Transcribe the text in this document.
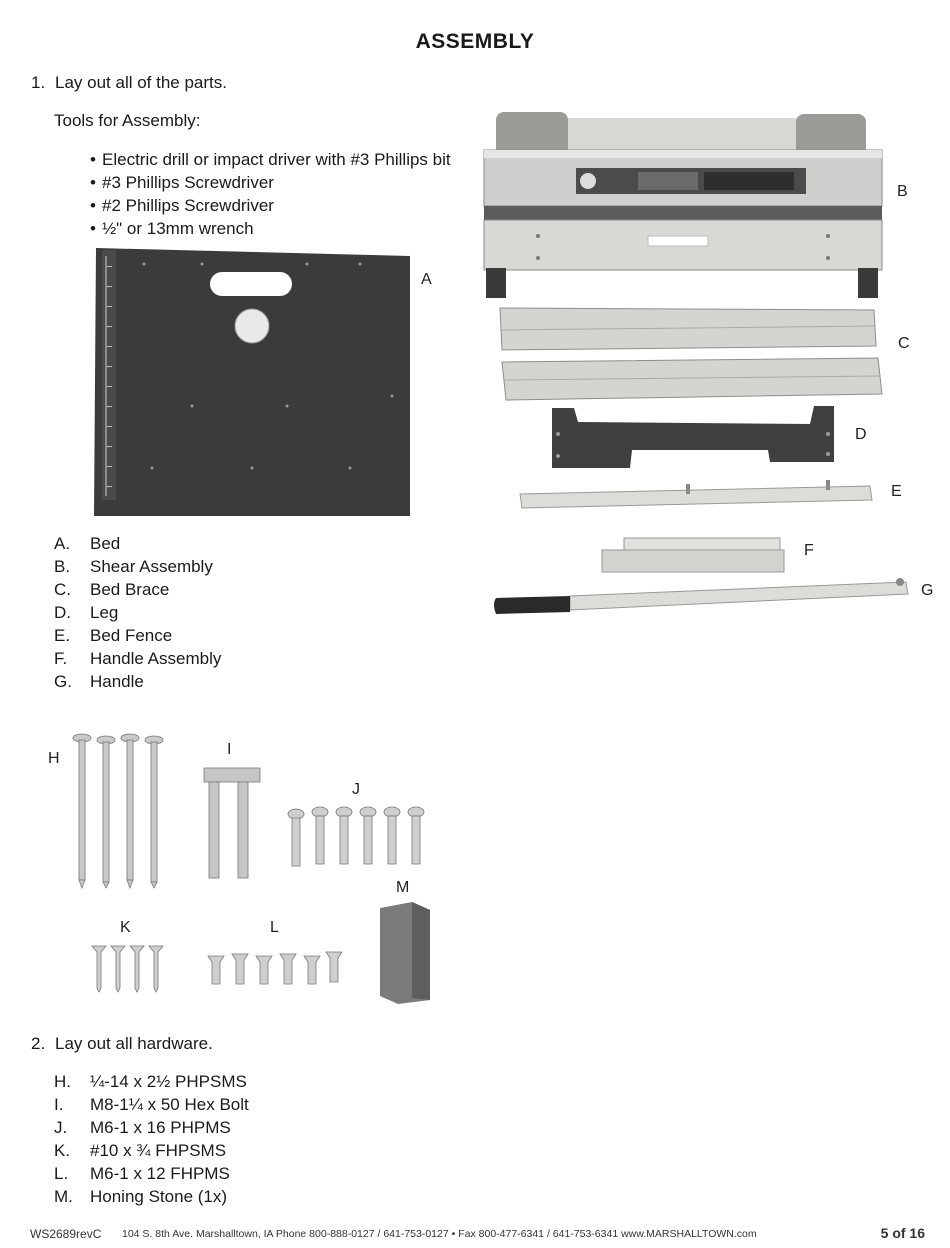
ASSEMBLY
1. Lay out all of the parts.
Tools for Assembly:
• Electric drill or impact driver with #3 Phillips bit
• #3 Phillips Screwdriver
• #2 Phillips Screwdriver
• ½" or 13mm wrench
A
B
C
D
E
F
G
A. Bed
B. Shear Assembly
C. Bed Brace
D. Leg
E. Bed Fence
F. Handle Assembly
G. Handle
H
I
J
M
K	L
2. Lay out all hardware.
H. ¼-14 x 2½ PHPSMS
I. M8-1¼ x 50 Hex Bolt
J. M6-1 x 16 PHPMS
K. #10 x ¾ FHPSMS
L. M6-1 x 12 FHPMS
M. Honing Stone (1x)
WS2689revC 104 S. 8th Ave. Marshalltown, IA Phone 800-888-0127 / 641-753-0127 • Fax 800-477-6341 / 641-753-6341 www.MARSHALLTOWN.com	5 of 16
